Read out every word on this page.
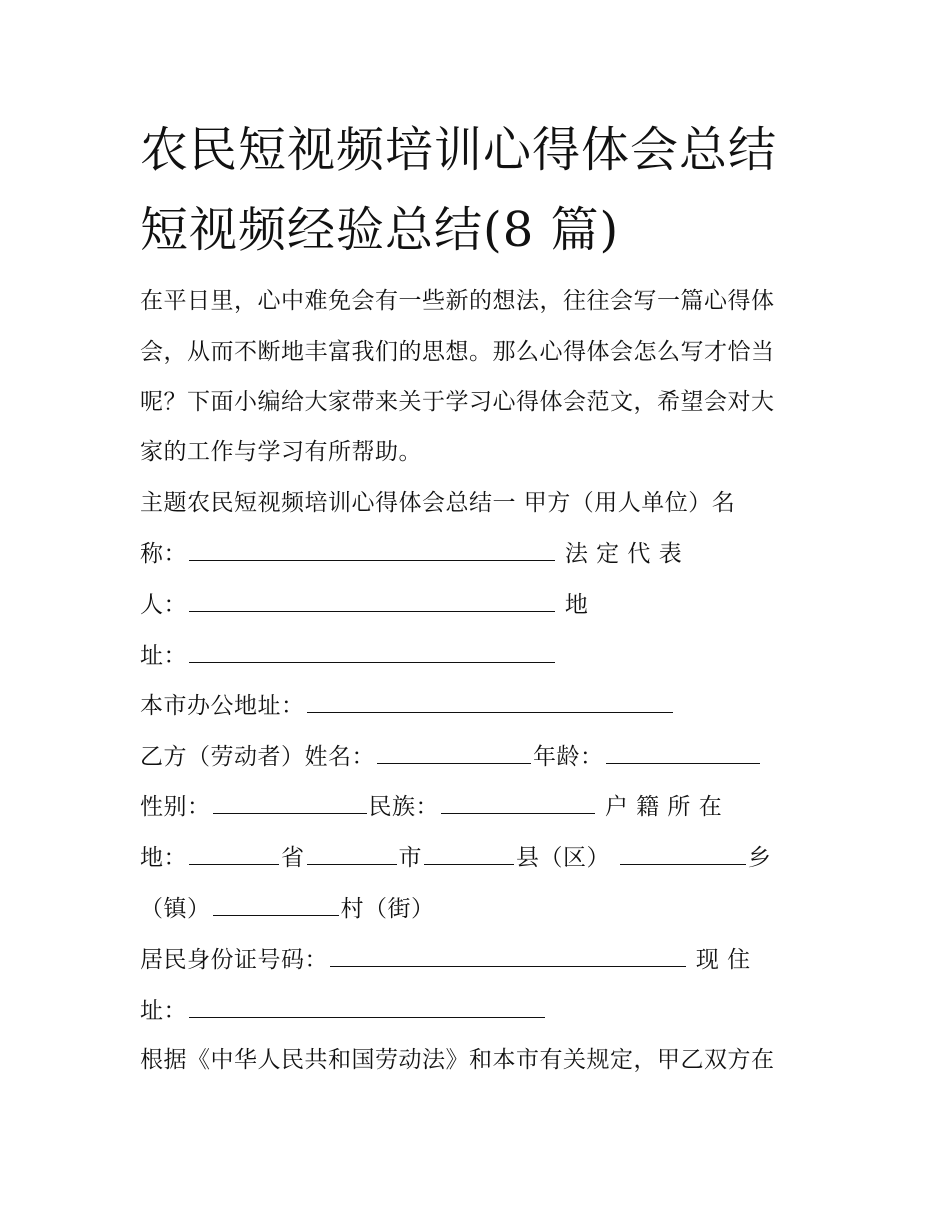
农民短视频培训心得体会总结
短视频经验总结(8 篇)
在平日里，心中难免会有一些新的想法，往往会写一篇心得体
会，从而不断地丰富我们的思想。那么心得体会怎么写才恰当
呢？下面小编给大家带来关于学习心得体会范文，希望会对大
家的工作与学习有所帮助。
主题农民短视频培训心得体会总结一 甲方（用人单位）名
称：	法 定 代 表
人：	地
址：
本市办公地址：
乙方（劳动者）姓名：	年龄：
性别：	民族：	户 籍 所 在
地：	省	市	县（区）	乡
（镇）	村（街）
居民身份证号码：	现 住
址：
根据《中华人民共和国劳动法》和本市有关规定，甲乙双方在
